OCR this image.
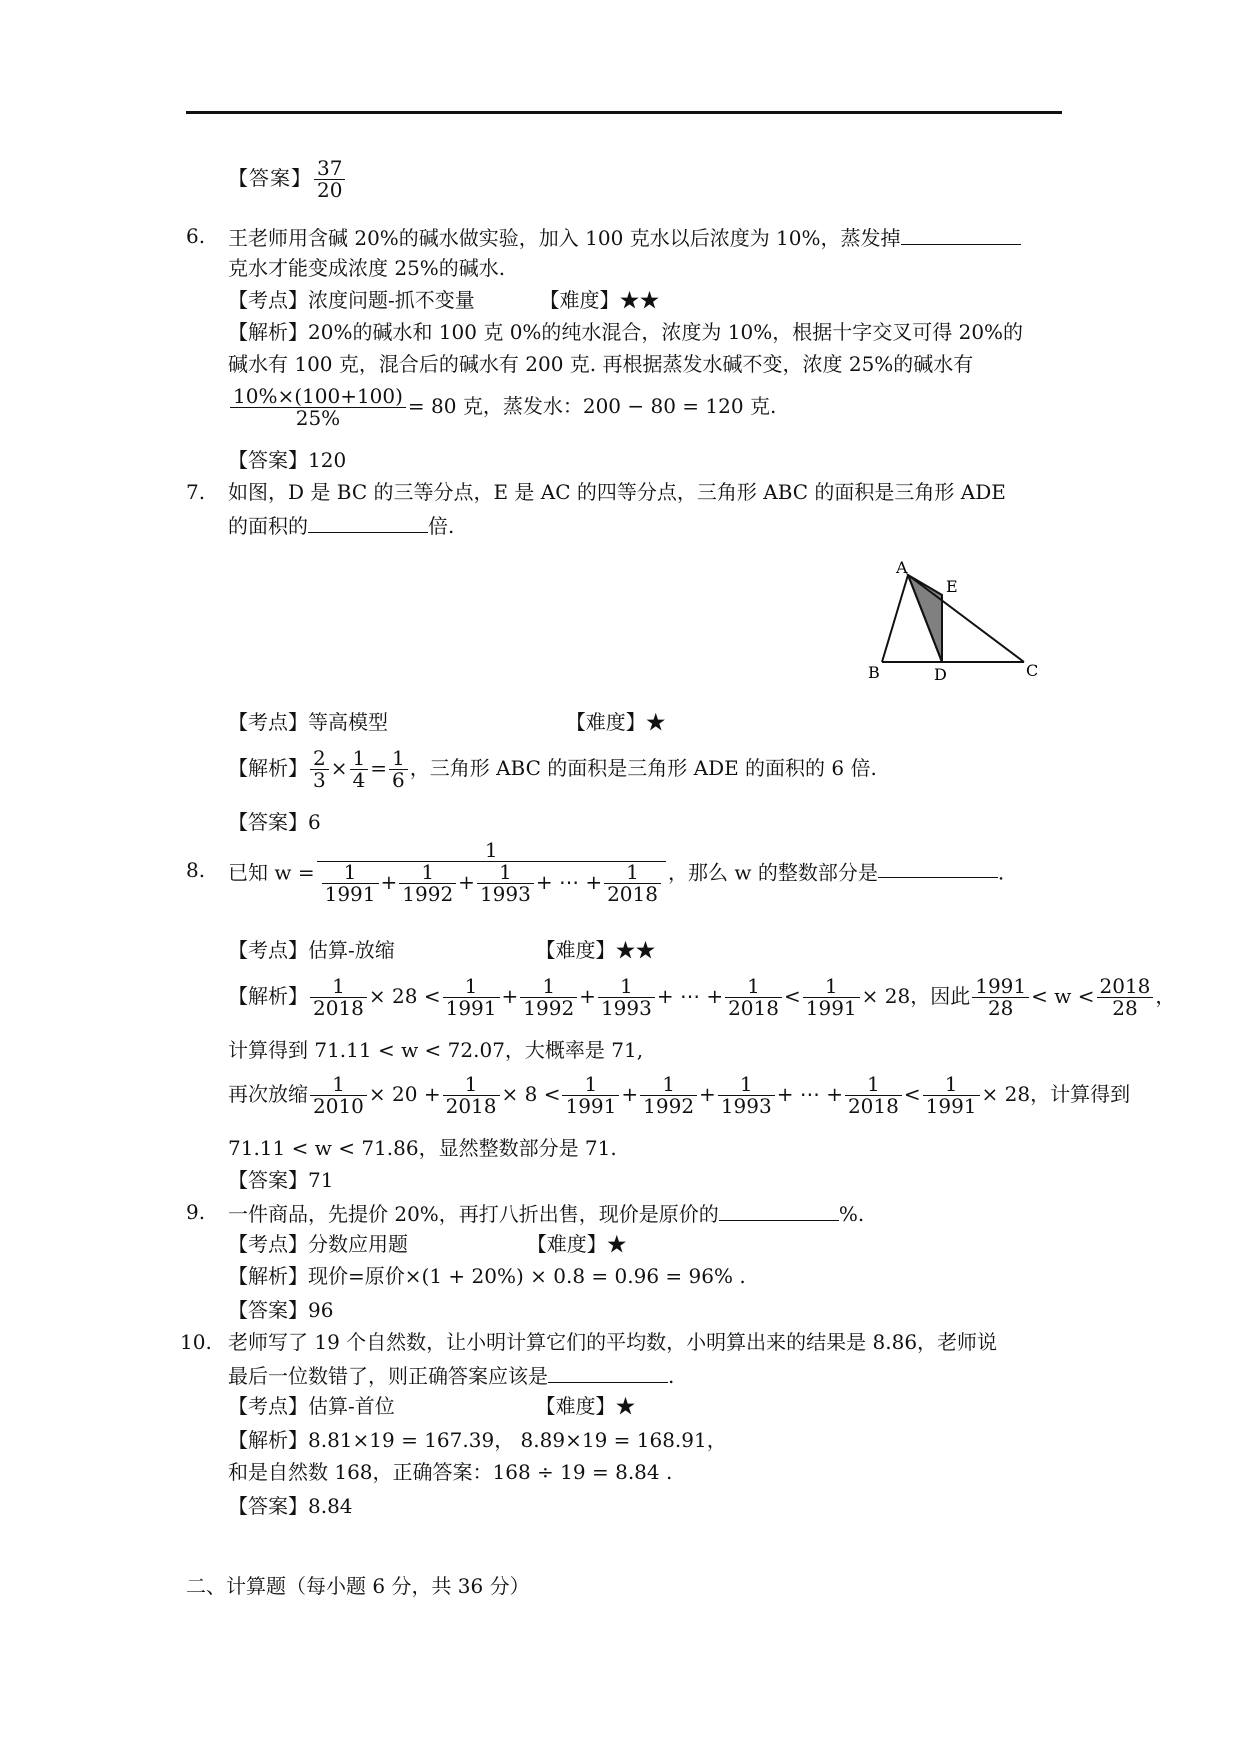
【答案】 $\frac{37}{20}$
6. 王老师用含碱 20%的碱水做实验，加入 100 克水以后浓度为 10%，蒸发掉
克水才能变成浓度 25%的碱水.
【考点】浓度问题-抓不变量	【难度】★★
【解析】20%的碱水和 100 克 0%的纯水混合，浓度为 10%，根据十字交叉可得 20%的
碱水有 100 克，混合后的碱水有 200 克. 再根据蒸发水碱不变，浓度 25%的碱水有
$\frac{10\%\times(100+100)}{25\%} = 80$ 克，蒸发水：200 − 80 = 120 克.
【答案】120
7. 如图，D 是 BC 的三等分点，E 是 AC 的四等分点，三角形 ABC 的面积是三角形 ADE
的面积的	倍.
A
E
B	D	C
【考点】等高模型	【难度】★
【解析】 $\frac{2}{3} \times \frac{1}{4} = \frac{1}{6}$ ，三角形 ABC 的面积是三角形 ADE 的面积的 6 倍.
【答案】6
8. 已知 $w = \frac{1}{\frac{1}{1991} + \frac{1}{1992} + \frac{1}{1993} + \cdots + \frac{1}{2018}}$ ，那么 w 的整数部分是	.
【考点】估算-放缩	【难度】★★
【解析】 $\frac{1}{2018} \times 28 < \frac{1}{1991} + \frac{1}{1992} + \frac{1}{1993}$ + ⋯ + $\frac{1}{2018} < \frac{1}{1991} \times 28$，因此 $\frac{1991}{28} < w < \frac{2018}{28}$ ，
计算得到 71.11 < w < 72.07，大概率是 71,
再次放缩 $\frac{1}{2010} \times 20 + \frac{1}{2018} \times 8 < \frac{1}{1991} + \frac{1}{1992} + \frac{1}{1993}$ + ⋯ + $\frac{1}{2018} < \frac{1}{1991} \times 28$，计算得到
71.11 < w < 71.86，显然整数部分是 71.
【答案】71
9. 一件商品，先提价 20%，再打八折出售，现价是原价的	%.
【考点】分数应用题	【难度】★
【解析】现价=原价×(1 + 20%) × 0.8 = 0.96 = 96% .
【答案】96
10. 老师写了 19 个自然数，让小明计算它们的平均数，小明算出来的结果是 8.86，老师说
最后一位数错了，则正确答案应该是	.
【考点】估算-首位	【难度】★
【解析】8.81×19 = 167.39， 8.89×19 = 168.91，
和是自然数 168，正确答案：168 ÷ 19 = 8.84 .
【答案】8.84
二、计算题（每小题 6 分，共 36 分）
